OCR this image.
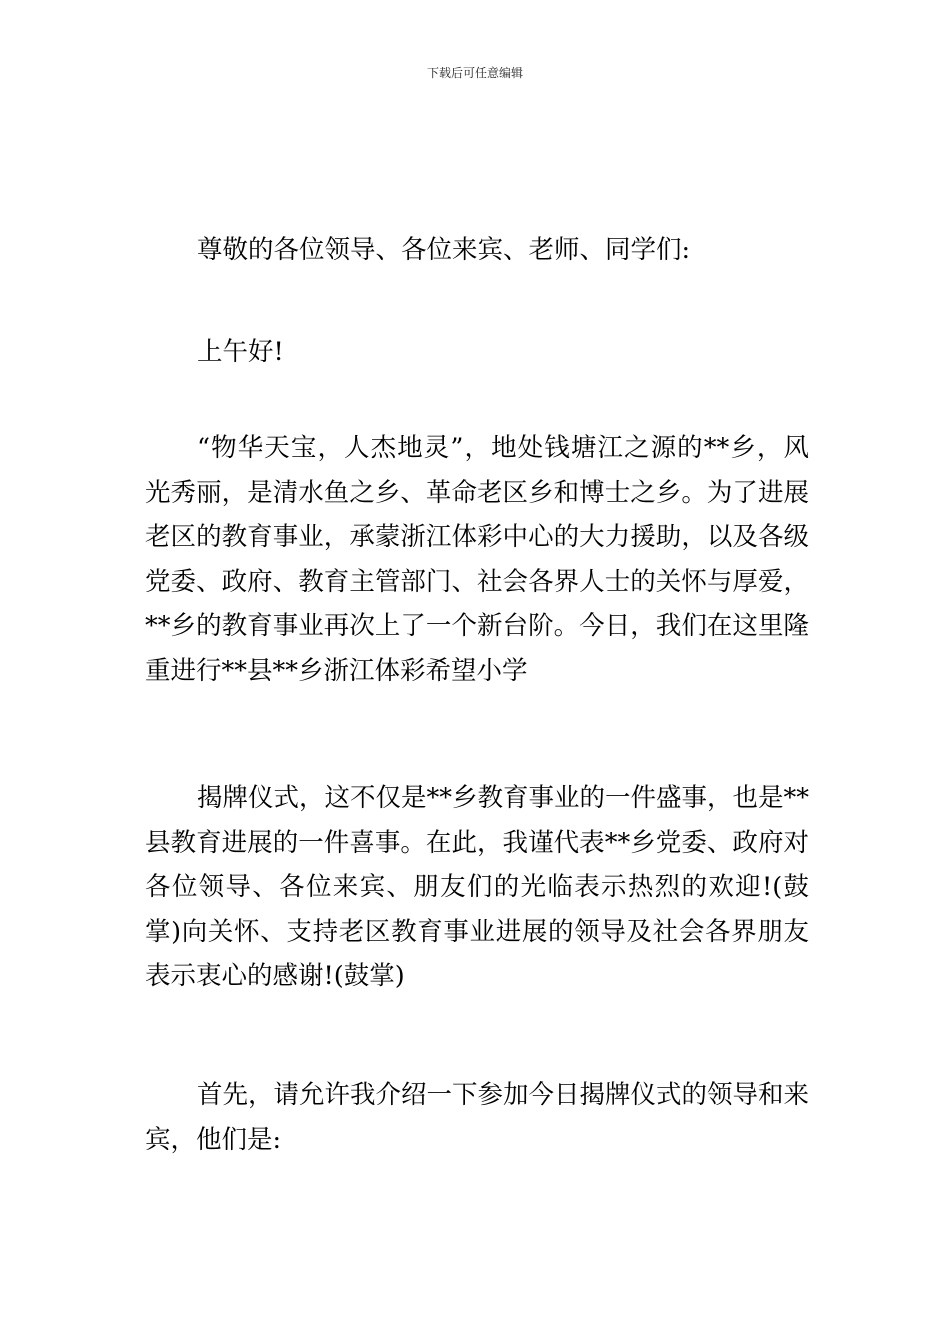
下载后可任意编辑

尊敬的各位领导、各位来宾、老师、同学们:

上午好!

“物华天宝，人杰地灵”，地处钱塘江之源的**乡，风光秀丽，是清水鱼之乡、革命老区乡和博士之乡。为了进展老区的教育事业，承蒙浙江体彩中心的大力援助，以及各级党委、政府、教育主管部门、社会各界人士的关怀与厚爱，**乡的教育事业再次上了一个新台阶。今日，我们在这里隆重进行**县**乡浙江体彩希望小学

揭牌仪式，这不仅是**乡教育事业的一件盛事，也是**县教育进展的一件喜事。在此，我谨代表**乡党委、政府对各位领导、各位来宾、朋友们的光临表示热烈的欢迎!(鼓掌)向关怀、支持老区教育事业进展的领导及社会各界朋友表示衷心的感谢!(鼓掌)

首先，请允许我介绍一下参加今日揭牌仪式的领导和来宾，他们是:
